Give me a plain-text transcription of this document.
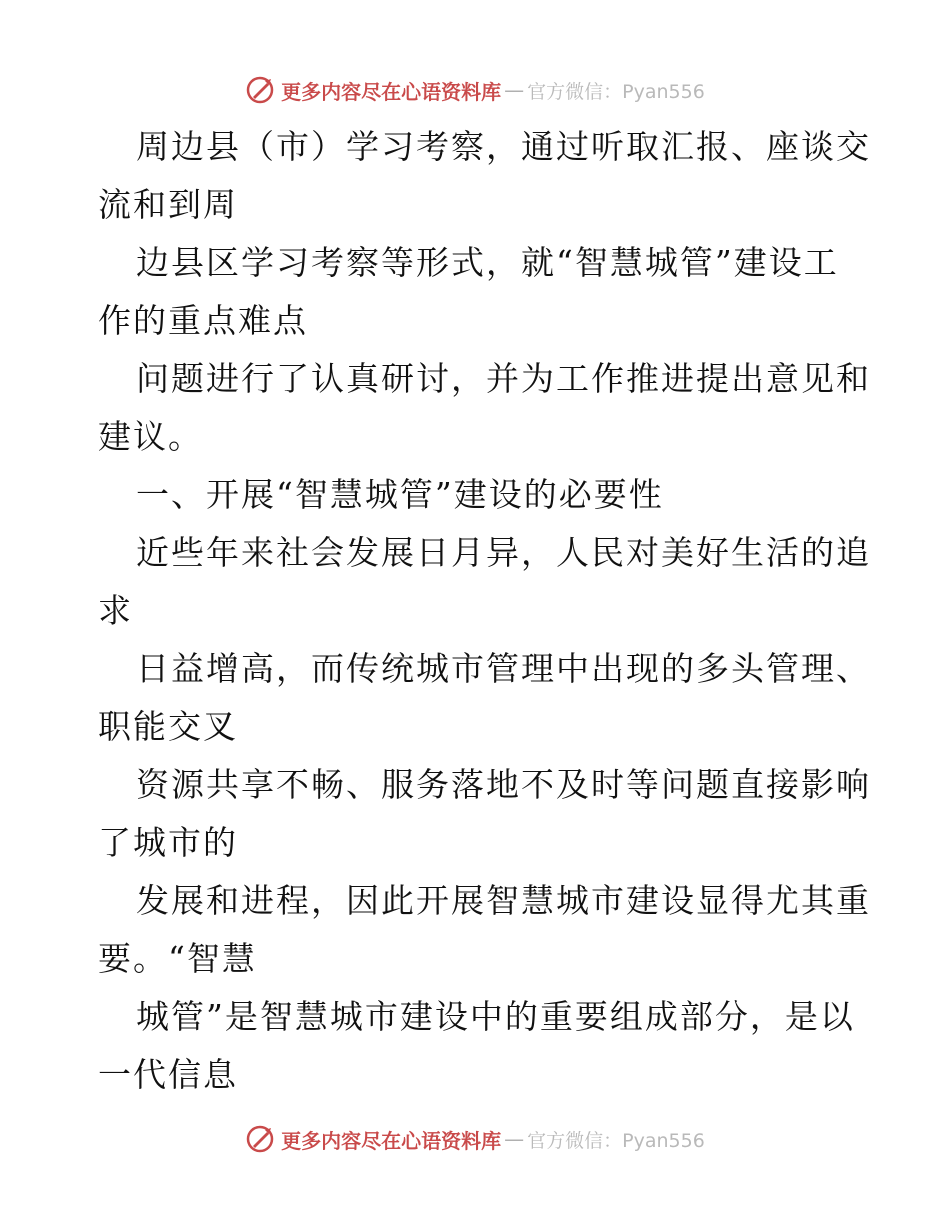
更多内容尽在心语资料库 — 官方微信：Pyan556
周边县（市）学习考察，通过听取汇报、座谈交
流和到周
边县区学习考察等形式，就“智慧城管”建设工
作的重点难点
问题进行了认真研讨，并为工作推进提出意见和
建议。
一、开展“智慧城管”建设的必要性
近些年来社会发展日月异，人民对美好生活的追
求
日益增高，而传统城市管理中出现的多头管理、
职能交叉
资源共享不畅、服务落地不及时等问题直接影响
了城市的
发展和进程，因此开展智慧城市建设显得尤其重
要。“智慧
城管”是智慧城市建设中的重要组成部分，是以
一代信息
更多内容尽在心语资料库 — 官方微信：Pyan556
